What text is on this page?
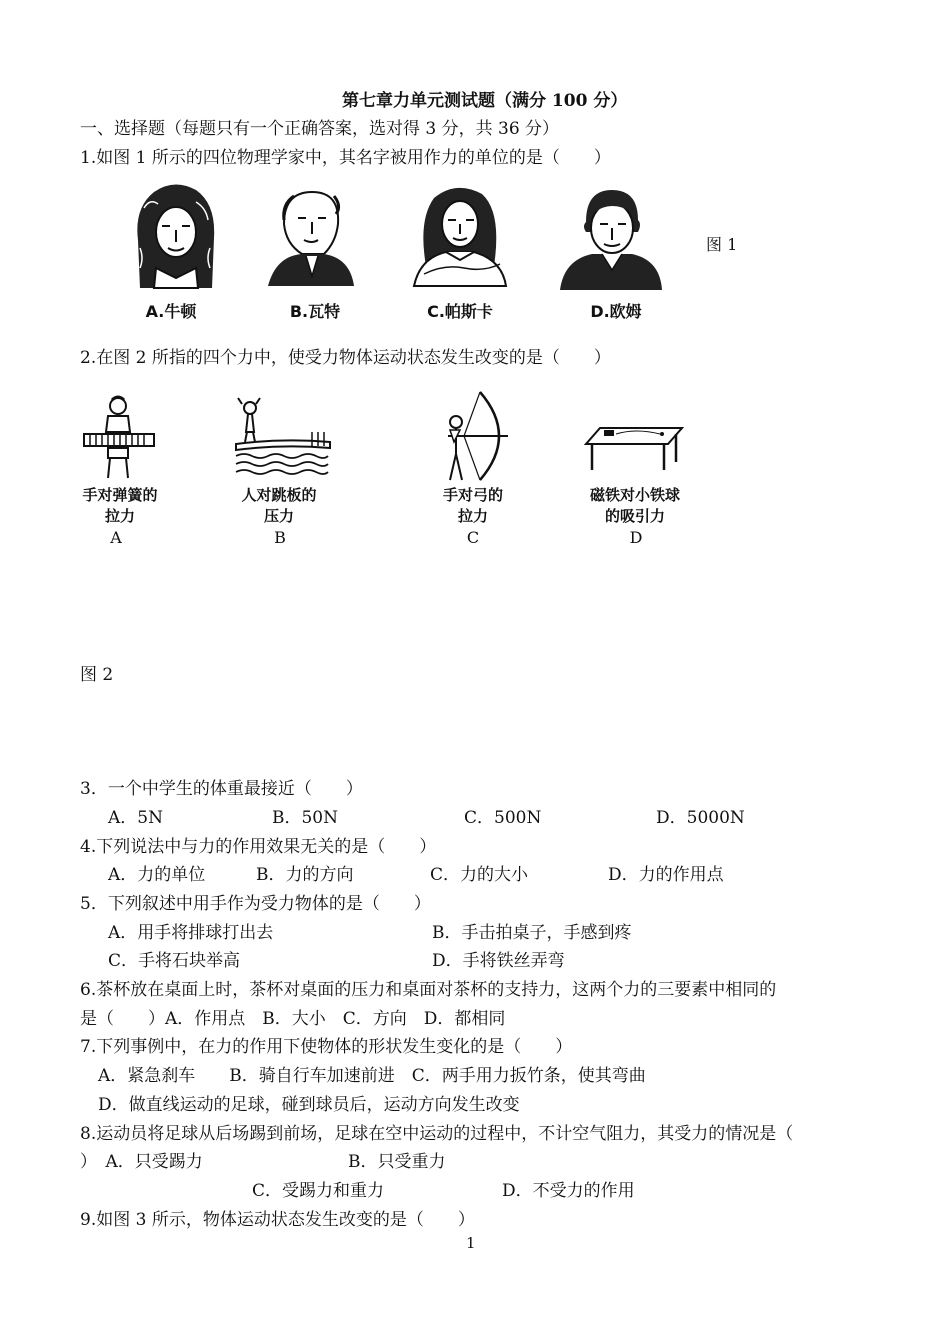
第七章力单元测试题（满分 100 分）
一、选择题（每题只有一个正确答案，选对得 3 分，共 36 分）
1.如图 1 所示的四位物理学家中，其名字被用作力的单位的是（　　）
图 1
A.牛顿	B.瓦特	C.帕斯卡	D.欧姆
2.在图 2 所指的四个力中，使受力物体运动状态发生改变的是（　　）
手对弹簧的拉力
人对跳板的压力
手对弓的拉力
磁铁对小铁球的吸引力
A	B	C	D
图 2
3．一个中学生的体重最接近（　　）
A．5N	B．50N	C．500N	D．5000N
4.下列说法中与力的作用效果无关的是（　　）
A．力的单位	B．力的方向	C．力的大小	D．力的作用点
5．下列叙述中用手作为受力物体的是（　　）
A．用手将排球打出去	B．手击拍桌子，手感到疼
C．手将石块举高	D．手将铁丝弄弯
6.茶杯放在桌面上时，茶杯对桌面的压力和桌面对茶杯的支持力，这两个力的三要素中相同的
是（　　）A．作用点　B．大小　C．方向　D．都相同
7.下列事例中，在力的作用下使物体的形状发生变化的是（　　）
A．紧急刹车　　B．骑自行车加速前进　C．两手用力扳竹条，使其弯曲
D．做直线运动的足球，碰到球员后，运动方向发生改变
8.运动员将足球从后场踢到前场，足球在空中运动的过程中，不计空气阻力，其受力的情况是（
）　A．只受踢力	B．只受重力
C．受踢力和重力	D．不受力的作用
9.如图 3 所示，物体运动状态发生改变的是（　　）
1
